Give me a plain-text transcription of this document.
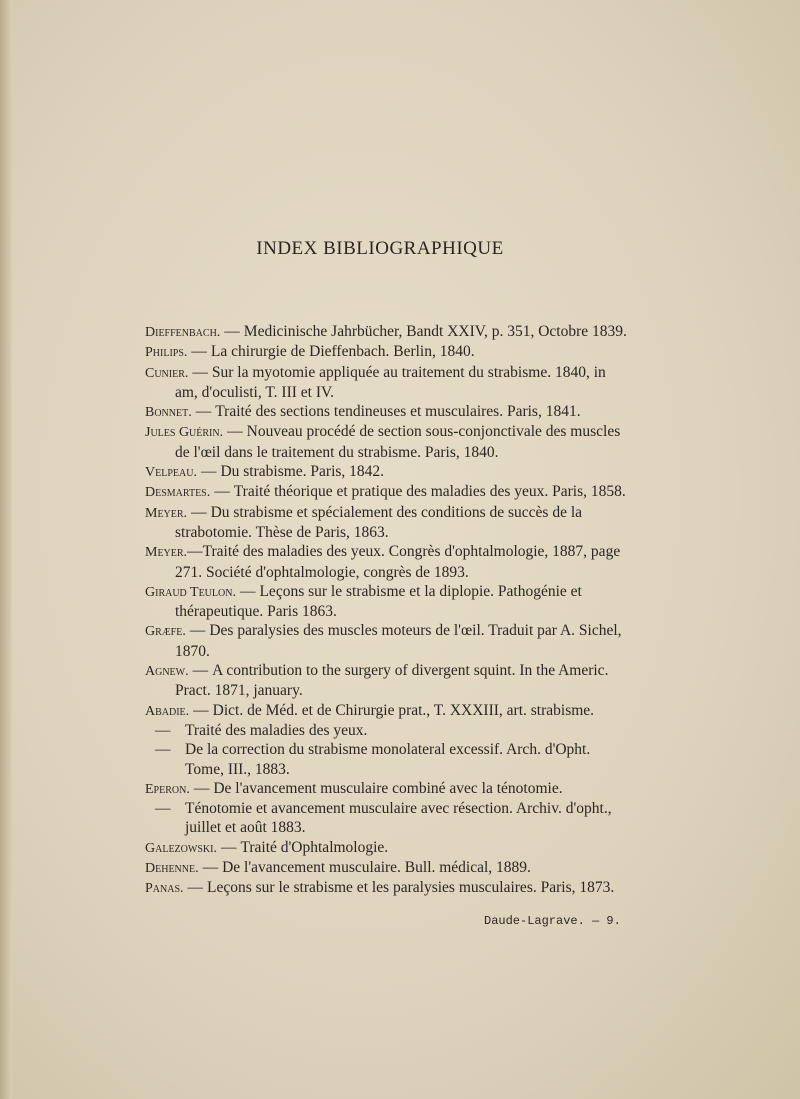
INDEX BIBLIOGRAPHIQUE

Dieffenbach. — Medicinische Jahrbücher, Bandt XXIV, p. 351, Octobre 1839.

Philips. — La chirurgie de Dieffenbach. Berlin, 1840.

Cunier. — Sur la myotomie appliquée au traitement du strabisme. 1840, in am, d'oculisti, T. III et IV.

Bonnet. — Traité des sections tendineuses et musculaires. Paris, 1841.

Jules Guérin. — Nouveau procédé de section sous-conjonctivale des muscles de l'œil dans le traitement du strabisme. Paris, 1840.

Velpeau. — Du strabisme. Paris, 1842.

Desmartes. — Traité théorique et pratique des maladies des yeux. Paris, 1858.

Meyer. — Du strabisme et spécialement des conditions de succès de la strabotomie. Thèse de Paris, 1863.

Meyer.—Traité des maladies des yeux. Congrès d'ophtalmologie, 1887, page 271. Société d'ophtalmologie, congrès de 1893.

Giraud Teulon. — Leçons sur le strabisme et la diplopie. Pathogénie et thérapeutique. Paris 1863.

Græfe. — Des paralysies des muscles moteurs de l'œil. Traduit par A. Sichel, 1870.

Agnew. — A contribution to the surgery of divergent squint. In the Americ. Pract. 1871, january.

Abadie. — Dict. de Méd. et de Chirurgie prat., T. XXXIII, art. strabisme.

— Traité des maladies des yeux.

— De la correction du strabisme monolateral excessif. Arch. d'Opht. Tome, III., 1883.

Eperon. — De l'avancement musculaire combiné avec la ténotomie.

— Ténotomie et avancement musculaire avec résection. Archiv. d'opht., juillet et août 1883.

Galezowski. — Traité d'Ophtalmologie.

Dehenne. — De l'avancement musculaire. Bull. médical, 1889.

Panas. — Leçons sur le strabisme et les paralysies musculaires. Paris, 1873.

Daude-Lagrave. — 9.
